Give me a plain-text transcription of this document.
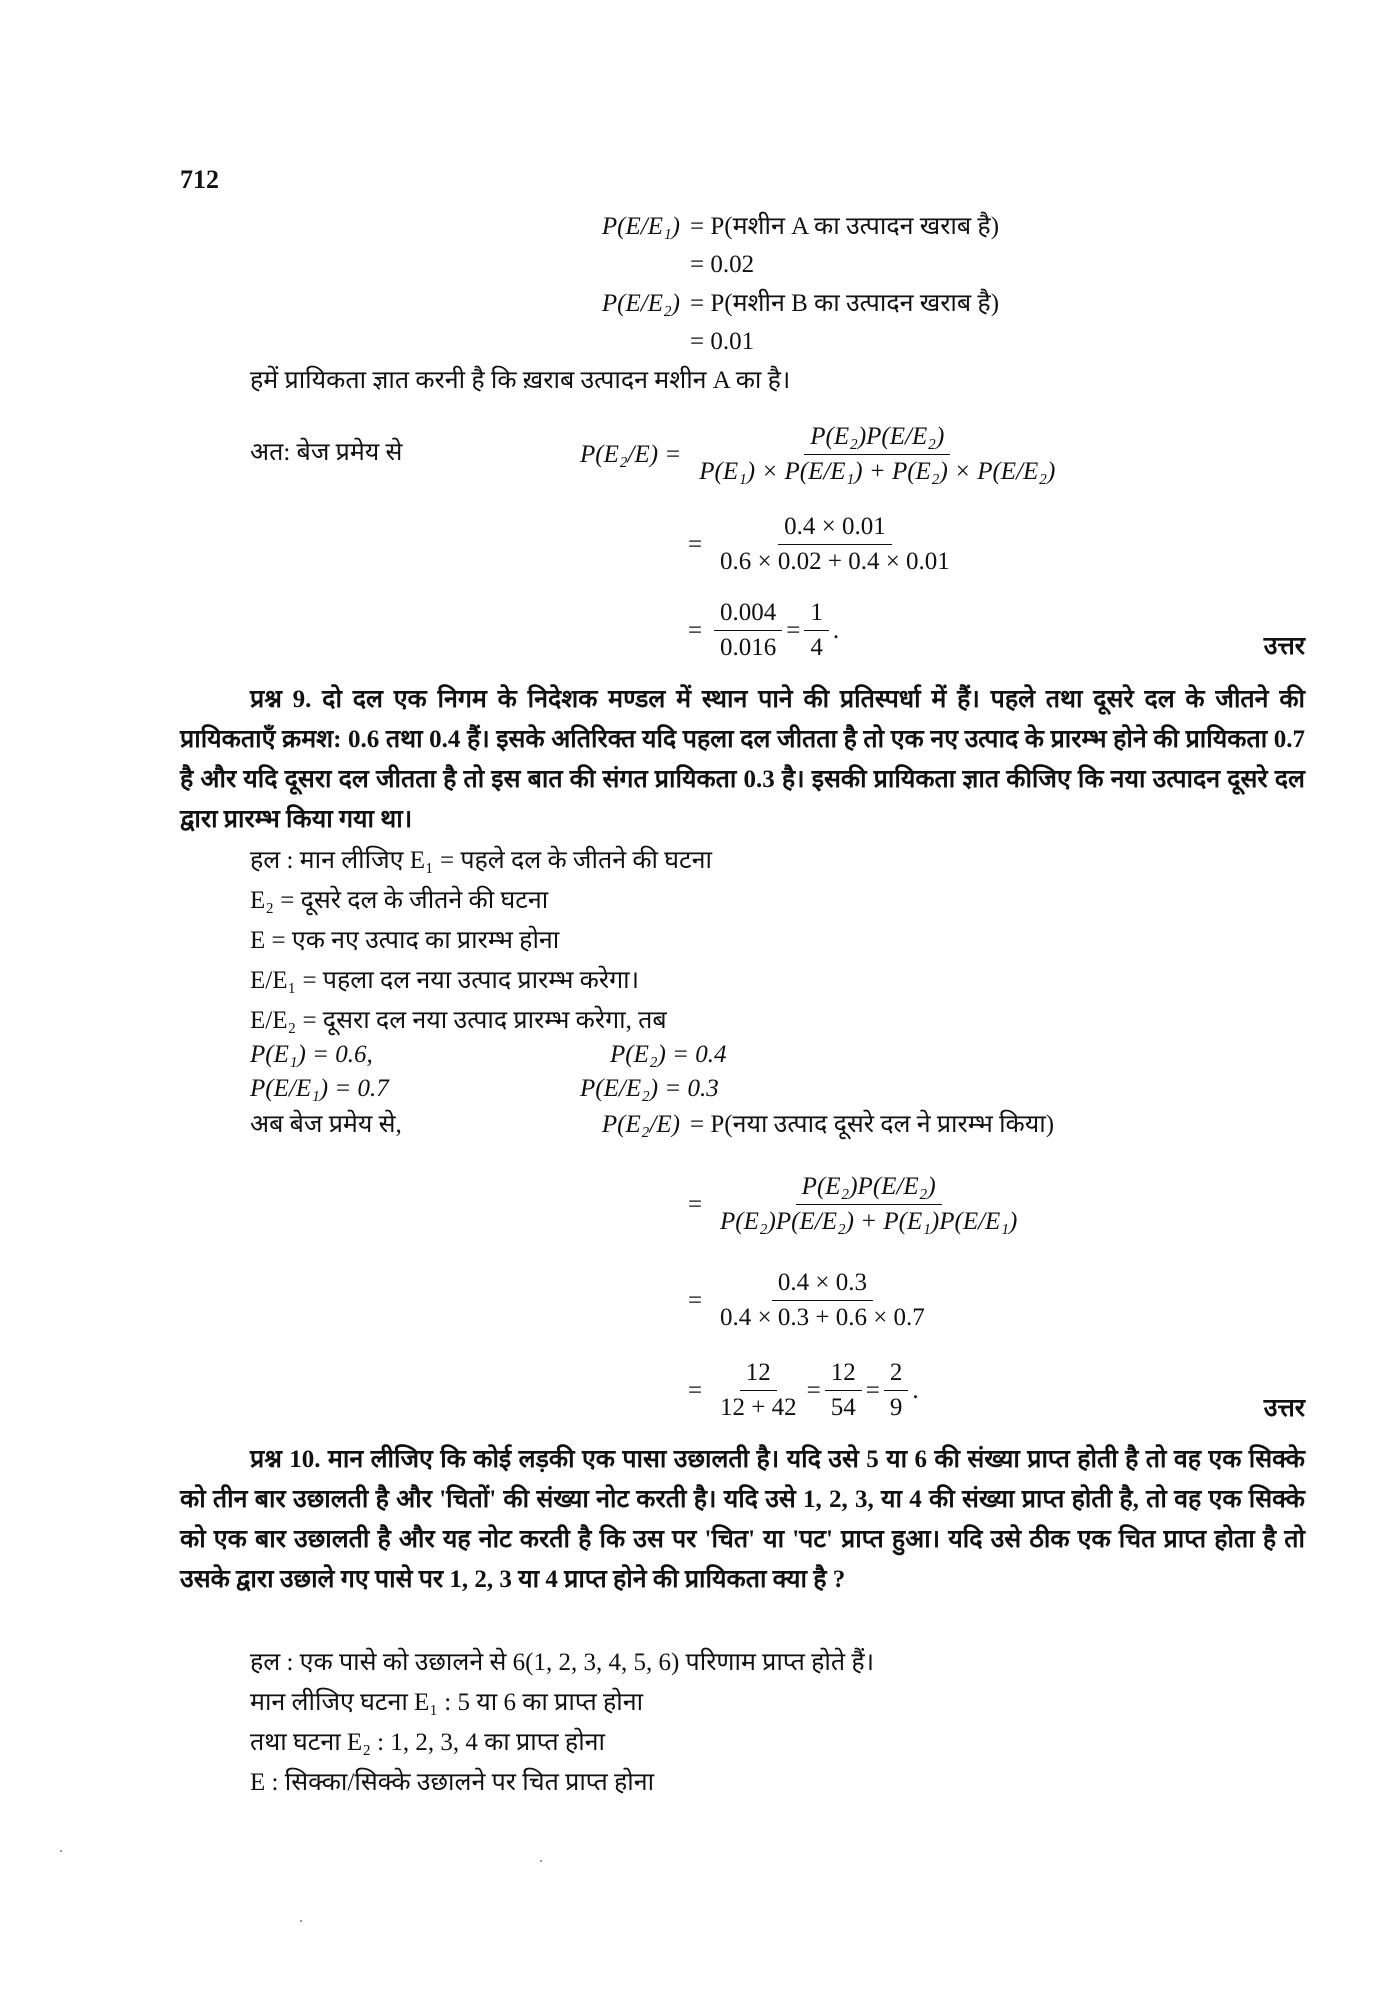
712
P(E/E₁) = P(मशीन A का उत्पादन खराब है)
= 0.02
P(E/E₂) = P(मशीन B का उत्पादन खराब है)
= 0.01
हमें प्रायिकता ज्ञात करनी है कि ख़राब उत्पादन मशीन A का है।
अत: बेज प्रमेय से	$P(E_2/E) = \frac{\text{P(E₂)P(E/E₂)}}{\text{P(E₁) × P(E/E₁) + P(E₂) × P(E/E₂)}}$
= $\frac{0.4 \times 0.01}{0.6 \times 0.02 + 0.4 \times 0.01}$
= $\frac{0.004}{0.016} = \frac{1}{4}$ .
उत्तर
प्रश्न 9. दो दल एक निगम के निदेशक मण्डल में स्थान पाने की प्रतिस्पर्धा में हैं। पहले तथा दूसरे दल के जीतने की प्रायिकताएँ क्रमश: 0.6 तथा 0.4 हैं। इसके अतिरिक्त यदि पहला दल जीतता है तो एक नए उत्पाद के प्रारम्भ होने की प्रायिकता 0.7 है और यदि दूसरा दल जीतता है तो इस बात की संगत प्रायिकता 0.3 है। इसकी प्रायिकता ज्ञात कीजिए कि नया उत्पादन दूसरे दल द्वारा प्रारम्भ किया गया था।
हल : मान लीजिए E₁ = पहले दल के जीतने की घटना
E₂ = दूसरे दल के जीतने की घटना
E = एक नए उत्पाद का प्रारम्भ होना
E/E₁ = पहला दल नया उत्पाद प्रारम्भ करेगा।
E/E₂ = दूसरा दल नया उत्पाद प्रारम्भ करेगा, तब
P(E₁) = 0.6,	P(E₂) = 0.4
P(E/E₁) = 0.7	P(E/E₂) = 0.3
अब बेज प्रमेय से,	P(E₂/E) = P(नया उत्पाद दूसरे दल ने प्रारम्भ किया)
= $\frac{\text{P(E₂)P(E/E₂)}}{\text{P(E₂)P(E/E₂) + P(E₁)P(E/E₁)}}$
= $\frac{0.4 \times 0.3}{0.4 \times 0.3 + 0.6 \times 0.7}$
= $\frac{12}{12 + 42} = \frac{12}{54} = \frac{2}{9}$ .
उत्तर
प्रश्न 10. मान लीजिए कि कोई लड़की एक पासा उछालती है। यदि उसे 5 या 6 की संख्या प्राप्त होती है तो वह एक सिक्के को तीन बार उछालती है और 'चितों' की संख्या नोट करती है। यदि उसे 1, 2, 3, या 4 की संख्या प्राप्त होती है, तो वह एक सिक्के को एक बार उछालती है और यह नोट करती है कि उस पर 'चित' या 'पट' प्राप्त हुआ। यदि उसे ठीक एक चित प्राप्त होता है तो उसके द्वारा उछाले गए पासे पर 1, 2, 3 या 4 प्राप्त होने की प्रायिकता क्या है ?
हल : एक पासे को उछालने से 6(1, 2, 3, 4, 5, 6) परिणाम प्राप्त होते हैं।
मान लीजिए घटना E₁ : 5 या 6 का प्राप्त होना
तथा घटना E₂ : 1, 2, 3, 4 का प्राप्त होना
E : सिक्का/सिक्के उछालने पर चित प्राप्त होना
